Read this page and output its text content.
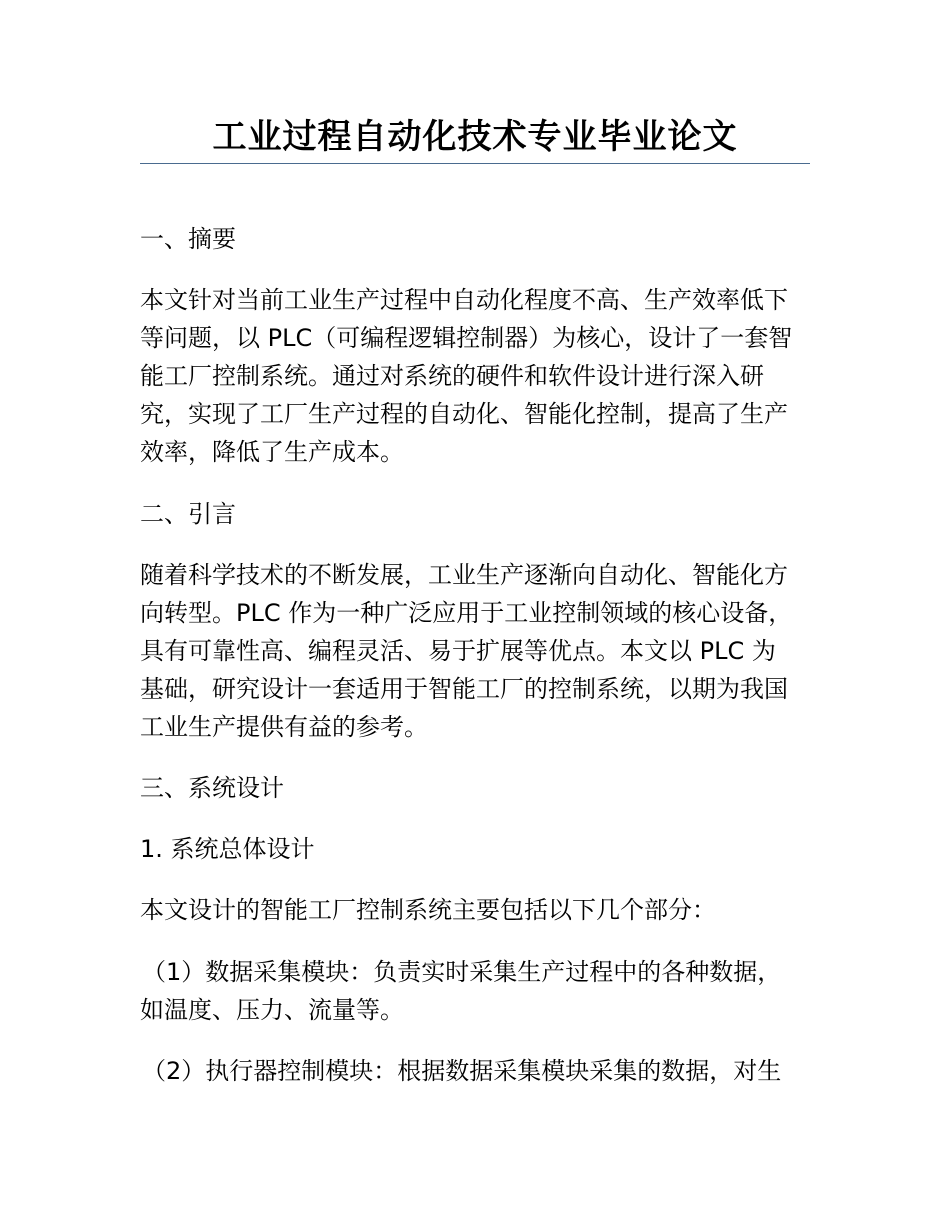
工业过程自动化技术专业毕业论文
一、摘要
本文针对当前工业生产过程中自动化程度不高、生产效率低下
等问题，以 PLC（可编程逻辑控制器）为核心，设计了一套智
能工厂控制系统。通过对系统的硬件和软件设计进行深入研
究，实现了工厂生产过程的自动化、智能化控制，提高了生产
效率，降低了生产成本。
二、引言
随着科学技术的不断发展，工业生产逐渐向自动化、智能化方
向转型。PLC 作为一种广泛应用于工业控制领域的核心设备，
具有可靠性高、编程灵活、易于扩展等优点。本文以 PLC 为
基础，研究设计一套适用于智能工厂的控制系统，以期为我国
工业生产提供有益的参考。
三、系统设计
1. 系统总体设计
本文设计的智能工厂控制系统主要包括以下几个部分：
（1）数据采集模块：负责实时采集生产过程中的各种数据，
如温度、压力、流量等。
（2）执行器控制模块：根据数据采集模块采集的数据，对生
